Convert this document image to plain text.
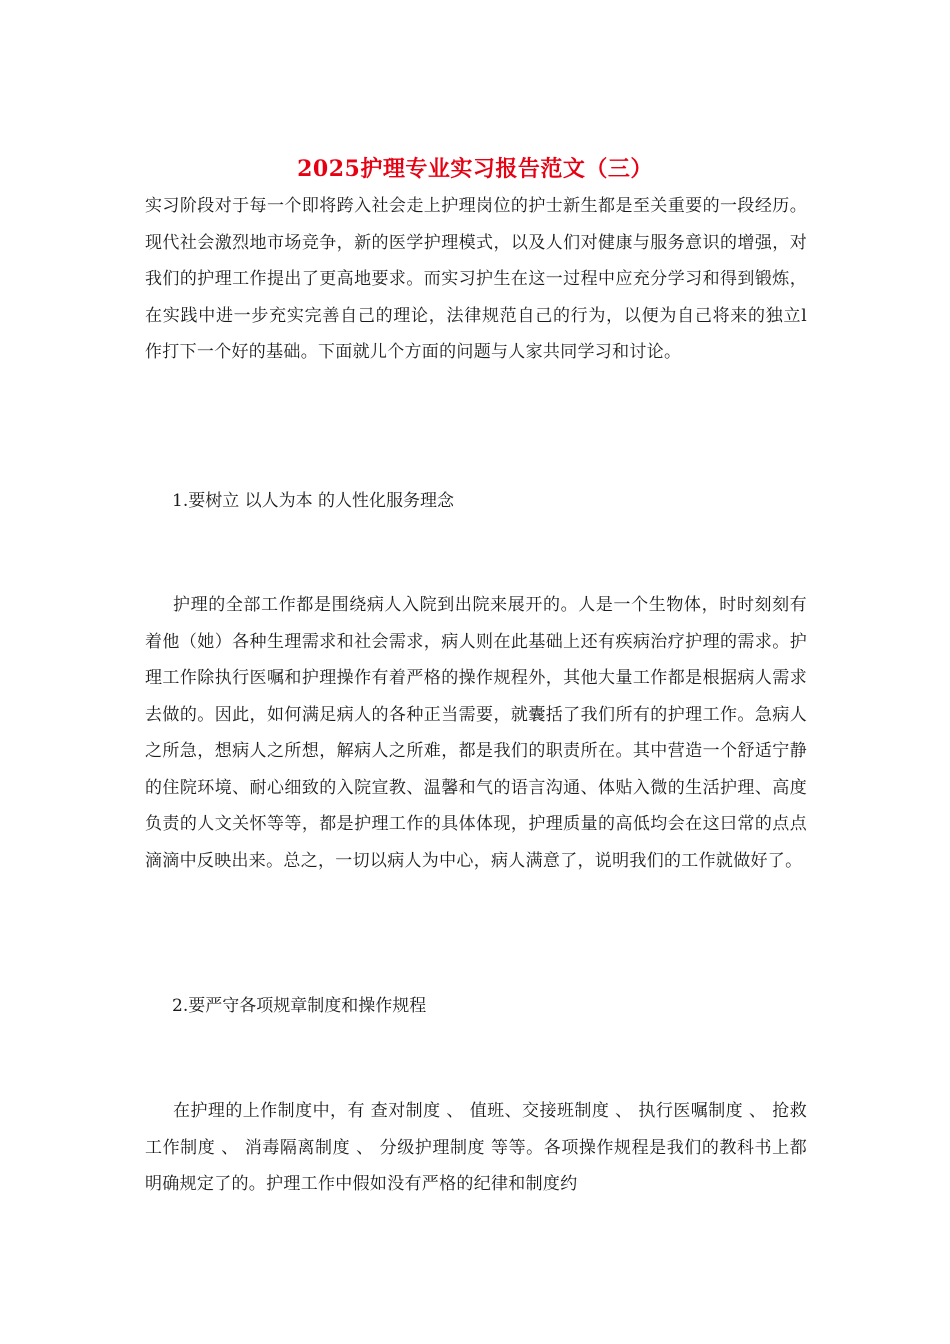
2025护理专业实习报告范文（三）

实习阶段对于每一个即将跨入社会走上护理岗位的护士新生都是至关重要的一段经历。现代社会激烈地市场竞争，新的医学护理模式，以及人们对健康与服务意识的增强，对我们的护理工作提出了更高地要求。而实习护生在这一过程中应充分学习和得到锻炼，在实践中进一步充实完善自己的理论，法律规范自己的行为，以便为自己将来的独立l作打下一个好的基础。下面就儿个方面的问题与人家共同学习和讨论。

1.要树立 以人为本 的人性化服务理念

护理的全部工作都是围绕病人入院到出院来展开的。人是一个生物体，时时刻刻有着他（她）各种生理需求和社会需求，病人则在此基础上还有疾病治疗护理的需求。护理工作除执行医嘱和护理操作有着严格的操作规程外，其他大量工作都是根据病人需求去做的。因此，如何满足病人的各种正当需要，就囊括了我们所有的护理工作。急病人之所急，想病人之所想，解病人之所难，都是我们的职责所在。其中营造一个舒适宁静的住院环境、耐心细致的入院宣教、温馨和气的语言沟通、体贴入微的生活护理、高度负责的人文关怀等等，都是护理工作的具体体现，护理质量的高低均会在这曰常的点点滴滴中反映出来。总之，一切以病人为中心，病人满意了，说明我们的工作就做好了。

2.要严守各项规章制度和操作规程

在护理的上作制度中，有 查对制度 、 值班、交接班制度 、 执行医嘱制度 、 抢救工作制度 、 消毒隔离制度 、 分级护理制度 等等。各项操作规程是我们的教科书上都明确规定了的。护理工作中假如没有严格的纪律和制度约
